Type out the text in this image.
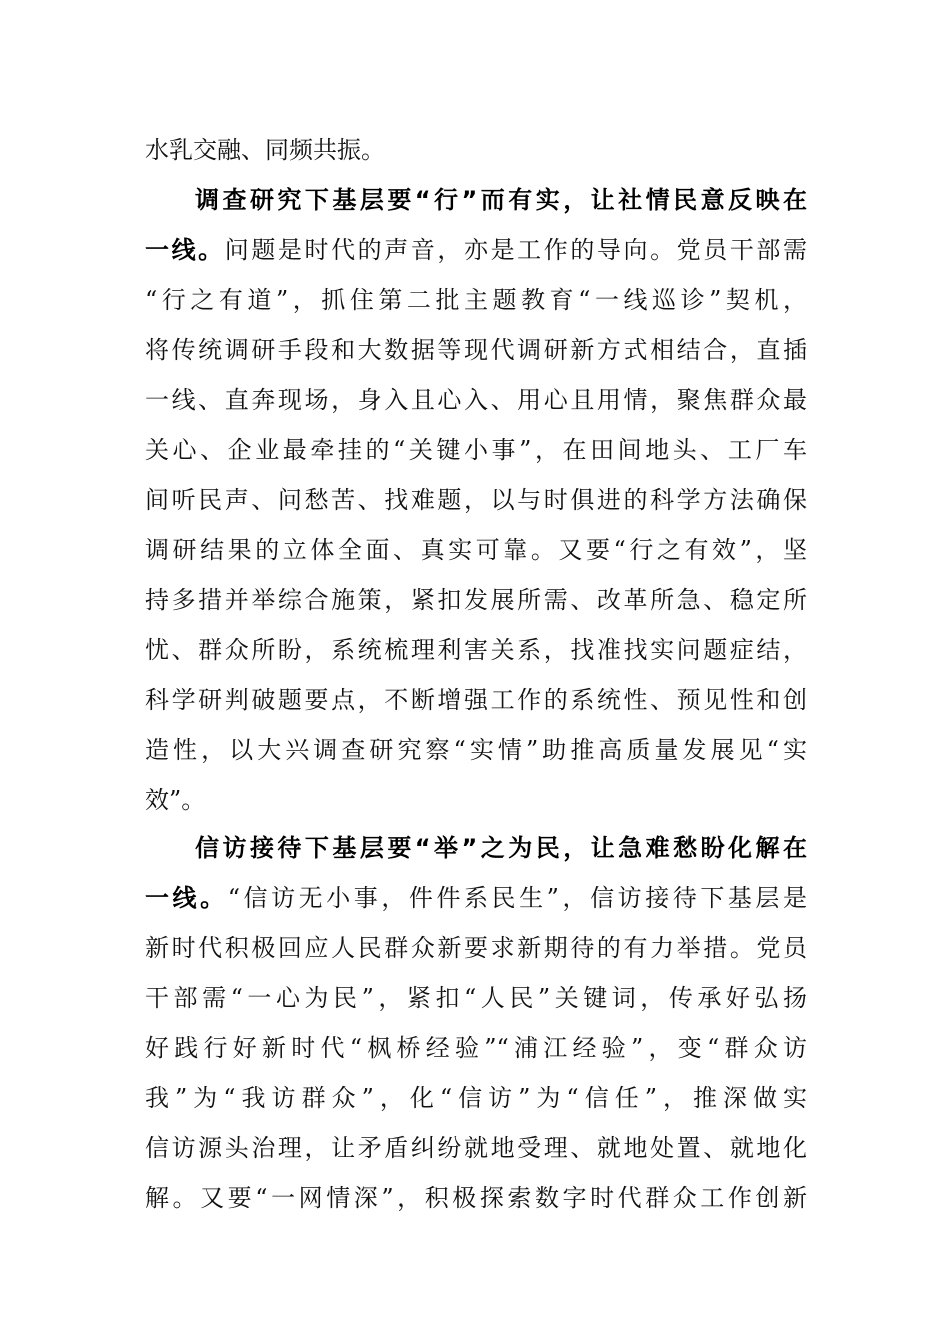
水乳交融、同频共振。
调查研究下基层要“行”而有实，让社情民意反映在
一线。问题是时代的声音，亦是工作的导向。党员干部需
“行之有道”，抓住第二批主题教育“一线巡诊”契机，
将传统调研手段和大数据等现代调研新方式相结合，直插
一线、直奔现场，身入且心入、用心且用情，聚焦群众最
关心、企业最牵挂的“关键小事”，在田间地头、工厂车
间听民声、问愁苦、找难题，以与时俱进的科学方法确保
调研结果的立体全面、真实可靠。又要“行之有效”，坚
持多措并举综合施策，紧扣发展所需、改革所急、稳定所
忧、群众所盼，系统梳理利害关系，找准找实问题症结，
科学研判破题要点，不断增强工作的系统性、预见性和创
造性，以大兴调查研究察“实情”助推高质量发展见“实
效”。
信访接待下基层要“举”之为民，让急难愁盼化解在
一线。“信访无小事，件件系民生”，信访接待下基层是
新时代积极回应人民群众新要求新期待的有力举措。党员
干部需“一心为民”，紧扣“人民”关键词，传承好弘扬
好践行好新时代“枫桥经验”“浦江经验”，变“群众访
我”为“我访群众”，化“信访”为“信任”，推深做实
信访源头治理，让矛盾纠纷就地受理、就地处置、就地化
解。又要“一网情深”，积极探索数字时代群众工作创新
